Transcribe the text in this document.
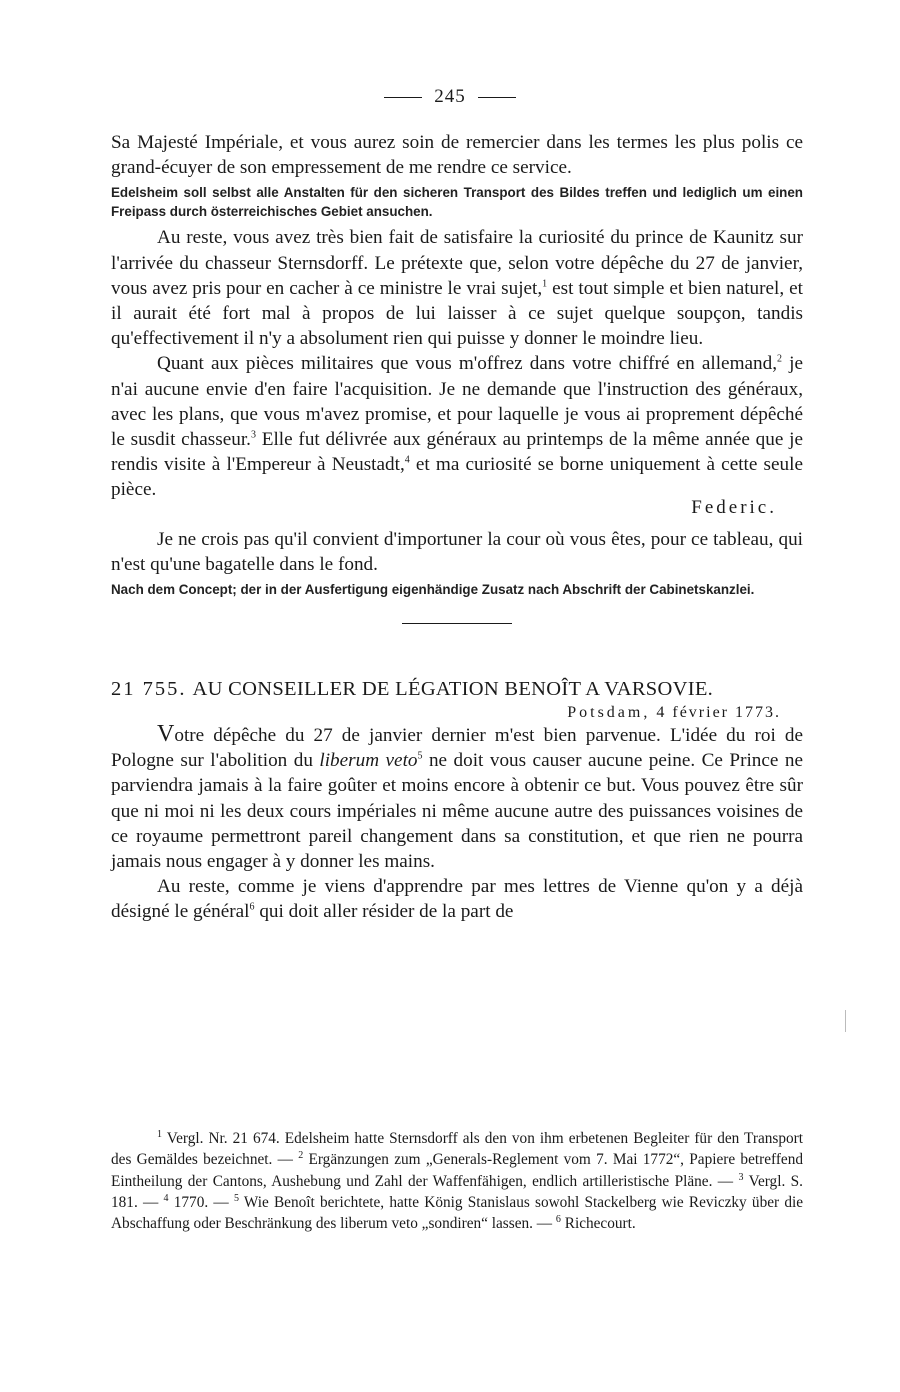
245

Sa Majesté Impériale, et vous aurez soin de remercier dans les termes les plus polis ce grand-écuyer de son empressement de me rendre ce service.

Edelsheim soll selbst alle Anstalten für den sicheren Transport des Bildes treffen und lediglich um einen Freipass durch österreichisches Gebiet ansuchen.

Au reste, vous avez très bien fait de satisfaire la curiosité du prince de Kaunitz sur l'arrivée du chasseur Sternsdorff. Le prétexte que, selon votre dépêche du 27 de janvier, vous avez pris pour en cacher à ce ministre le vrai sujet,$^1$ est tout simple et bien naturel, et il aurait été fort mal à propos de lui laisser à ce sujet quelque soupçon, tandis qu'effectivement il n'y a absolument rien qui puisse y donner le moindre lieu.

Quant aux pièces militaires que vous m'offrez dans votre chiffré en allemand,$^2$ je n'ai aucune envie d'en faire l'acquisition. Je ne demande que l'instruction des généraux, avec les plans, que vous m'avez promise, et pour laquelle je vous ai proprement dépêché le susdit chasseur.$^3$ Elle fut délivrée aux généraux au printemps de la même année que je rendis visite à l'Empereur à Neustadt,$^4$ et ma curiosité se borne uniquement à cette seule pièce.

Federic.

Je ne crois pas qu'il convient d'importuner la cour où vous êtes, pour ce tableau, qui n'est qu'une bagatelle dans le fond.

Nach dem Concept; der in der Ausfertigung eigenhändige Zusatz nach Abschrift der Cabinetskanzlei.
21 755. AU CONSEILLER DE LÉGATION BENOÎT A VARSOVIE.
Potsdam, 4 février 1773.

Votre dépêche du 27 de janvier dernier m'est bien parvenue. L'idée du roi de Pologne sur l'abolition du liberum veto$^5$ ne doit vous causer aucune peine. Ce Prince ne parviendra jamais à la faire goûter et moins encore à obtenir ce but. Vous pouvez être sûr que ni moi ni les deux cours impériales ni même aucune autre des puissances voisines de ce royaume permettront pareil changement dans sa constitution, et que rien ne pourra jamais nous engager à y donner les mains.

Au reste, comme je viens d'apprendre par mes lettres de Vienne qu'on y a déjà désigné le général$^6$ qui doit aller résider de la part de

$^1$ Vergl. Nr. 21 674. Edelsheim hatte Sternsdorff als den von ihm erbetenen Begleiter für den Transport des Gemäldes bezeichnet. — $^2$ Ergänzungen zum „Generals-Reglement vom 7. Mai 1772“, Papiere betreffend Eintheilung der Cantons, Aushebung und Zahl der Waffenfähigen, endlich artilleristische Pläne. — $^3$ Vergl. S. 181. — $^4$ 1770. — $^5$ Wie Benoît berichtete, hatte König Stanislaus sowohl Stackelberg wie Reviczky über die Abschaffung oder Beschränkung des liberum veto „sondiren“ lassen. — $^6$ Richecourt.
